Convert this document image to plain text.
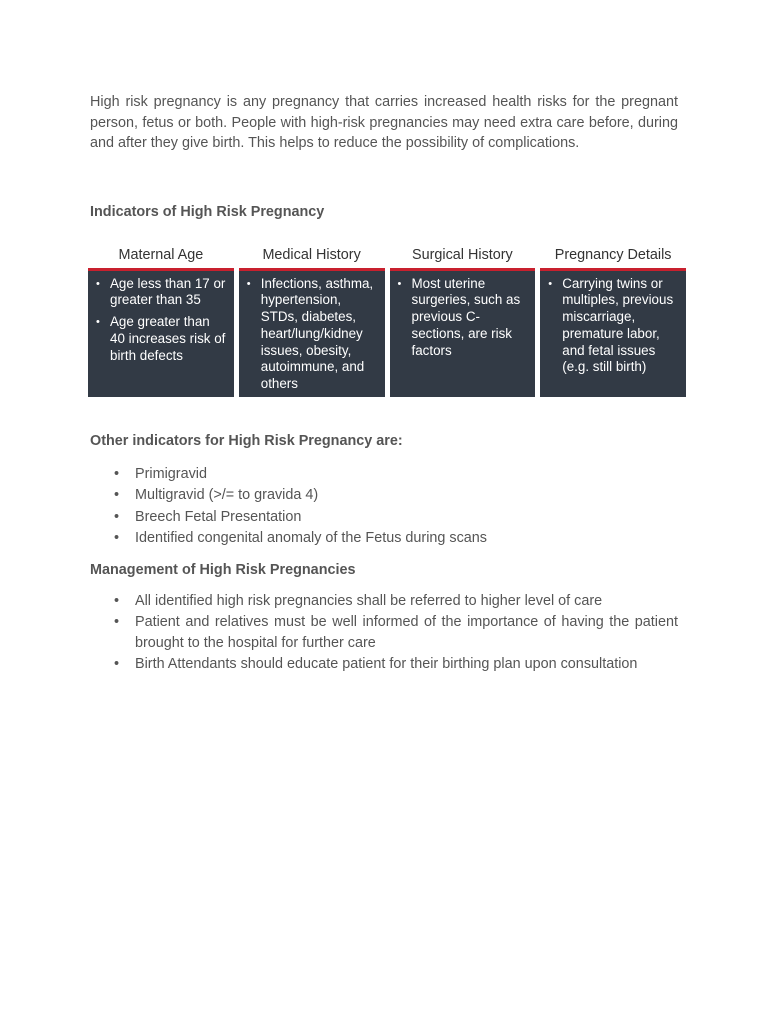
High risk pregnancy is any pregnancy that carries increased health risks for the pregnant person, fetus or both. People with high-risk pregnancies may need extra care before, during and after they give birth. This helps to reduce the possibility of complications.

Indicators of High Risk Pregnancy

Maternal Age
• Age less than 17 or greater than 35
• Age greater than 40 increases risk of birth defects
Medical History
• Infections, asthma, hypertension, STDs, diabetes, heart/lung/kidney issues, obesity, autoimmune, and others
Surgical History
• Most uterine surgeries, such as previous C-sections, are risk factors
Pregnancy Details
• Carrying twins or multiples, previous miscarriage, premature labor, and fetal issues (e.g. still birth)

Other indicators for High Risk Pregnancy are:

• Primigravid
• Multigravid (>/= to gravida 4)
• Breech Fetal Presentation
• Identified congenital anomaly of the Fetus during scans

Management of High Risk Pregnancies

• All identified high risk pregnancies shall be referred to higher level of care
• Patient and relatives must be well informed of the importance of having the patient brought to the hospital for further care
• Birth Attendants should educate patient for their birthing plan upon consultation
